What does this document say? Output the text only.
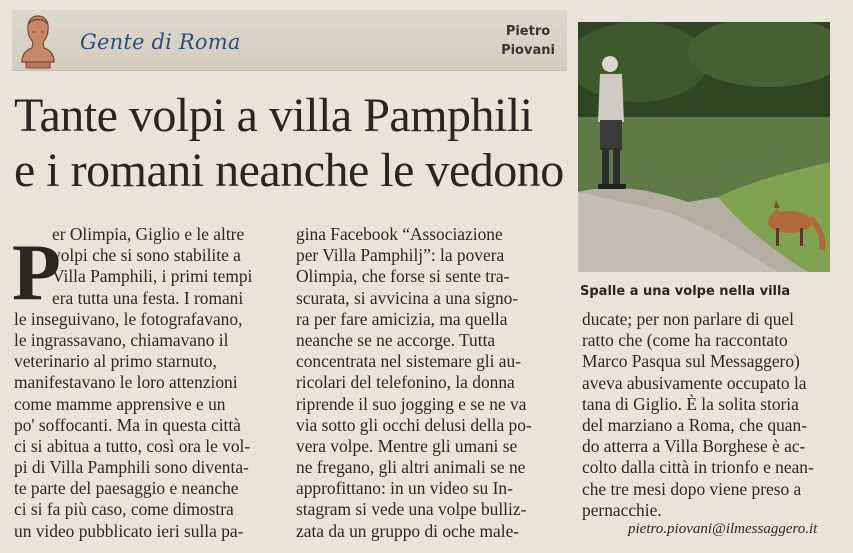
Gente di Roma	Pietro
Piovani
Tante volpi a villa Pamphili
e i romani neanche le vedono
Spalle a una volpe nella villa
P
er Olimpia, Giglio e le altre
volpi che si sono stabilite a
Villa Pamphili, i primi tempi
era tutta una festa. I romani
le inseguivano, le fotografavano,
le ingrassavano, chiamavano il
veterinario al primo starnuto,
manifestavano le loro attenzioni
come mamme apprensive e un
po' soffocanti. Ma in questa città
ci si abitua a tutto, così ora le vol-
pi di Villa Pamphili sono diventa-
te parte del paesaggio e neanche
ci si fa più caso, come dimostra
un video pubblicato ieri sulla pa-
gina Facebook “Associazione
per Villa Pamphilj”: la povera
Olimpia, che forse si sente tra-
scurata, si avvicina a una signo-
ra per fare amicizia, ma quella
neanche se ne accorge. Tutta
concentrata nel sistemare gli au-
ricolari del telefonino, la donna
riprende il suo jogging e se ne va
via sotto gli occhi delusi della po-
vera volpe. Mentre gli umani se
ne fregano, gli altri animali se ne
approfittano: in un video su In-
stagram si vede una volpe bulliz-
zata da un gruppo di oche male-
ducate; per non parlare di quel
ratto che (come ha raccontato
Marco Pasqua sul Messaggero)
aveva abusivamente occupato la
tana di Giglio. È la solita storia
del marziano a Roma, che quan-
do atterra a Villa Borghese è ac-
colto dalla città in trionfo e nean-
che tre mesi dopo viene preso a
pernacchie.
pietro.piovani@ilmessaggero.it
